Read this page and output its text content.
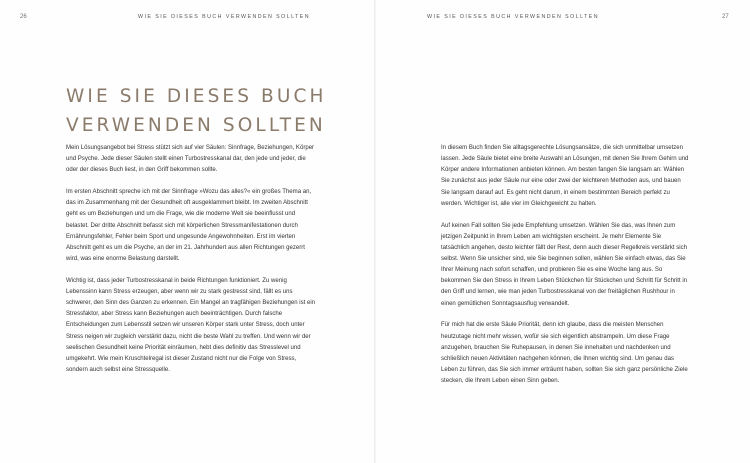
26	WIE SIE DIESES BUCH VERWENDEN SOLLTEN
WIE SIE DIESES BUCH
VERWENDEN SOLLTEN

Mein Lösungsangebot bei Stress stützt sich auf vier Säulen: Sinnfrage, Beziehungen, Körper und Psyche. Jede dieser Säulen stellt einen Turbostresskanal dar, den jede und jeder, die oder der dieses Buch liest, in den Griff bekommen sollte.

Im ersten Abschnitt spreche ich mit der Sinnfrage »Wozu das alles?« ein großes Thema an, das im Zusammenhang mit der Gesundheit oft ausgeklammert bleibt. Im zweiten Abschnitt geht es um Beziehungen und um die Frage, wie die moderne Welt sie beeinflusst und belastet. Der dritte Abschnitt befasst sich mit körperlichen Stressmanifestationen durch Ernährungsfehler, Fehler beim Sport und ungesunde Angewohnheiten. Erst im vierten Abschnitt geht es um die Psyche, an der im 21. Jahrhundert aus allen Richtungen gezerrt wird, was eine enorme Belastung darstellt.

Wichtig ist, dass jeder Turbostresskanal in beide Richtungen funktioniert. Zu wenig Lebenssinn kann Stress erzeugen, aber wenn wir zu stark gestresst sind, fällt es uns schwerer, den Sinn des Ganzen zu erkennen. Ein Mangel an tragfähigen Beziehungen ist ein Stressfaktor, aber Stress kann Beziehungen auch beeinträchtigen. Durch falsche Entscheidungen zum Lebensstil setzen wir unseren Körper stark unter Stress, doch unter Stress neigen wir zugleich verstärkt dazu, nicht die beste Wahl zu treffen. Und wenn wir der seelischen Gesundheit keine Priorität einräumen, hebt dies definitiv das Stresslevel und umgekehrt. Wie mein Kruschtelregal ist dieser Zustand nicht nur die Folge von Stress, sondern auch selbst eine Stressquelle.

27
WIE SIE DIESES BUCH VERWENDEN SOLLTEN

In diesem Buch finden Sie alltagsgerechte Lösungsansätze, die sich unmittelbar umsetzen lassen. Jede Säule bietet eine breite Auswahl an Lösungen, mit denen Sie Ihrem Gehirn und Körper andere Informationen anbieten können. Am besten fangen Sie langsam an: Wählen Sie zunächst aus jeder Säule nur eine oder zwei der leichteren Methoden aus, und bauen Sie langsam darauf auf. Es geht nicht darum, in einem bestimmten Bereich perfekt zu werden. Wichtiger ist, alle vier im Gleichgewicht zu halten.

Auf keinen Fall sollten Sie jede Empfehlung umsetzen. Wählen Sie das, was Ihnen zum jetzigen Zeitpunkt in Ihrem Leben am wichtigsten erscheint. Je mehr Elemente Sie tatsächlich angehen, desto leichter fällt der Rest, denn auch dieser Regelkreis verstärkt sich selbst. Wenn Sie unsicher sind, wie Sie beginnen sollen, wählen Sie einfach etwas, das Sie Ihrer Meinung nach sofort schaffen, und probieren Sie es eine Woche lang aus. So bekommen Sie den Stress in Ihrem Leben Stückchen für Stückchen und Schritt für Schritt in den Griff und lernen, wie man jeden Turbostresskanal von der freitäglichen Rushhour in einen gemütlichen Sonntagsausflug verwandelt.

Für mich hat die erste Säule Priorität, denn ich glaube, dass die meisten Menschen heutzutage nicht mehr wissen, wofür sie sich eigentlich abstrampeln. Um diese Frage anzugehen, brauchen Sie Ruhepausen, in denen Sie innehalten und nachdenken und schließlich neuen Aktivitäten nachgehen können, die Ihnen wichtig sind. Um genau das Leben zu führen, das Sie sich immer erträumt haben, sollten Sie sich ganz persönliche Ziele stecken, die Ihrem Leben einen Sinn geben.
